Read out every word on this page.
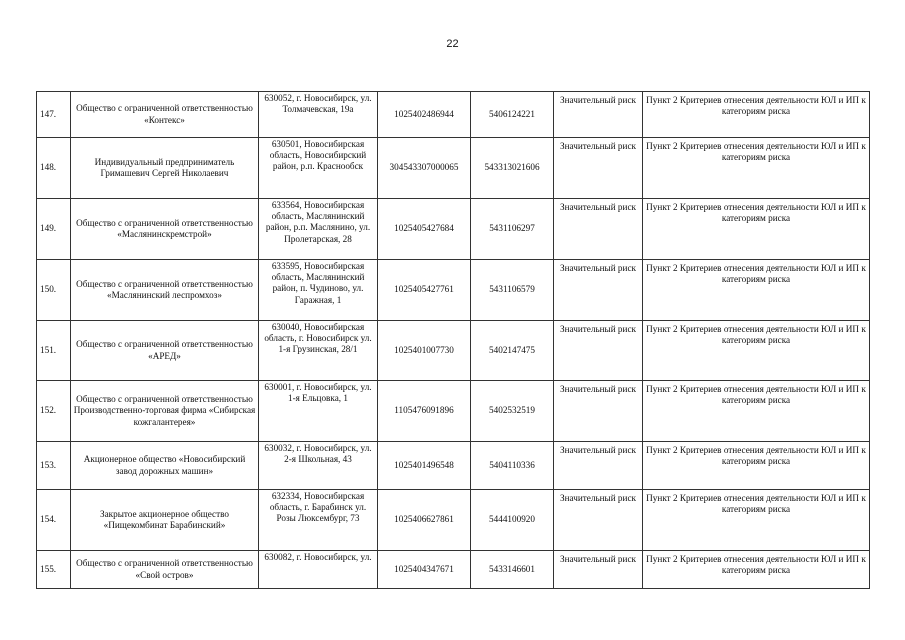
22
147.	Общество с ограниченной ответственностью «Контекс»	630052, г. Новосибирск, ул. Толмачевская, 19а	1025402486944	5406124221	Значительный риск	Пункт 2 Критериев отнесения деятельности ЮЛ и ИП к категориям риска
148.	Индивидуальный предприниматель Гримашевич Сергей Николаевич	630501, Новосибирская область, Новосибирский район, р.п. Краснообск	304543307000065	543313021606	Значительный риск	Пункт 2 Критериев отнесения деятельности ЮЛ и ИП к категориям риска
149.	Общество с ограниченной ответственностью «Маслянинскремстрой»	633564, Новосибирская область, Маслянинский район, р.п. Маслянино, ул. Пролетарская, 28	1025405427684	5431106297	Значительный риск	Пункт 2 Критериев отнесения деятельности ЮЛ и ИП к категориям риска
150.	Общество с ограниченной ответственностью «Маслянинский леспромхоз»	633595, Новосибирская область, Маслянинский район, п. Чудиново, ул. Гаражная, 1	1025405427761	5431106579	Значительный риск	Пункт 2 Критериев отнесения деятельности ЮЛ и ИП к категориям риска
151.	Общество с ограниченной ответственностью «АРЕД»	630040, Новосибирская область, г. Новосибирск ул. 1-я Грузинская, 28/1	1025401007730	5402147475	Значительный риск	Пункт 2 Критериев отнесения деятельности ЮЛ и ИП к категориям риска
152.	Общество с ограниченной ответственностью Производственно-торговая фирма «Сибирская кожгалантерея»	630001, г. Новосибирск, ул. 1-я Ельцовка, 1	1105476091896	5402532519	Значительный риск	Пункт 2 Критериев отнесения деятельности ЮЛ и ИП к категориям риска
153.	Акционерное общество «Новосибирский завод дорожных машин»	630032, г. Новосибирск, ул. 2-я Школьная, 43	1025401496548	5404110336	Значительный риск	Пункт 2 Критериев отнесения деятельности ЮЛ и ИП к категориям риска
154.	Закрытое акционерное общество «Пищекомбинат Барабинский»	632334, Новосибирская область, г. Барабинск ул. Розы Люксембург, 73	1025406627861	5444100920	Значительный риск	Пункт 2 Критериев отнесения деятельности ЮЛ и ИП к категориям риска
155.	Общество с ограниченной ответственностью «Свой остров»	630082, г. Новосибирск, ул.	1025404347671	5433146601	Значительный риск	Пункт 2 Критериев отнесения деятельности ЮЛ и ИП к категориям риска
